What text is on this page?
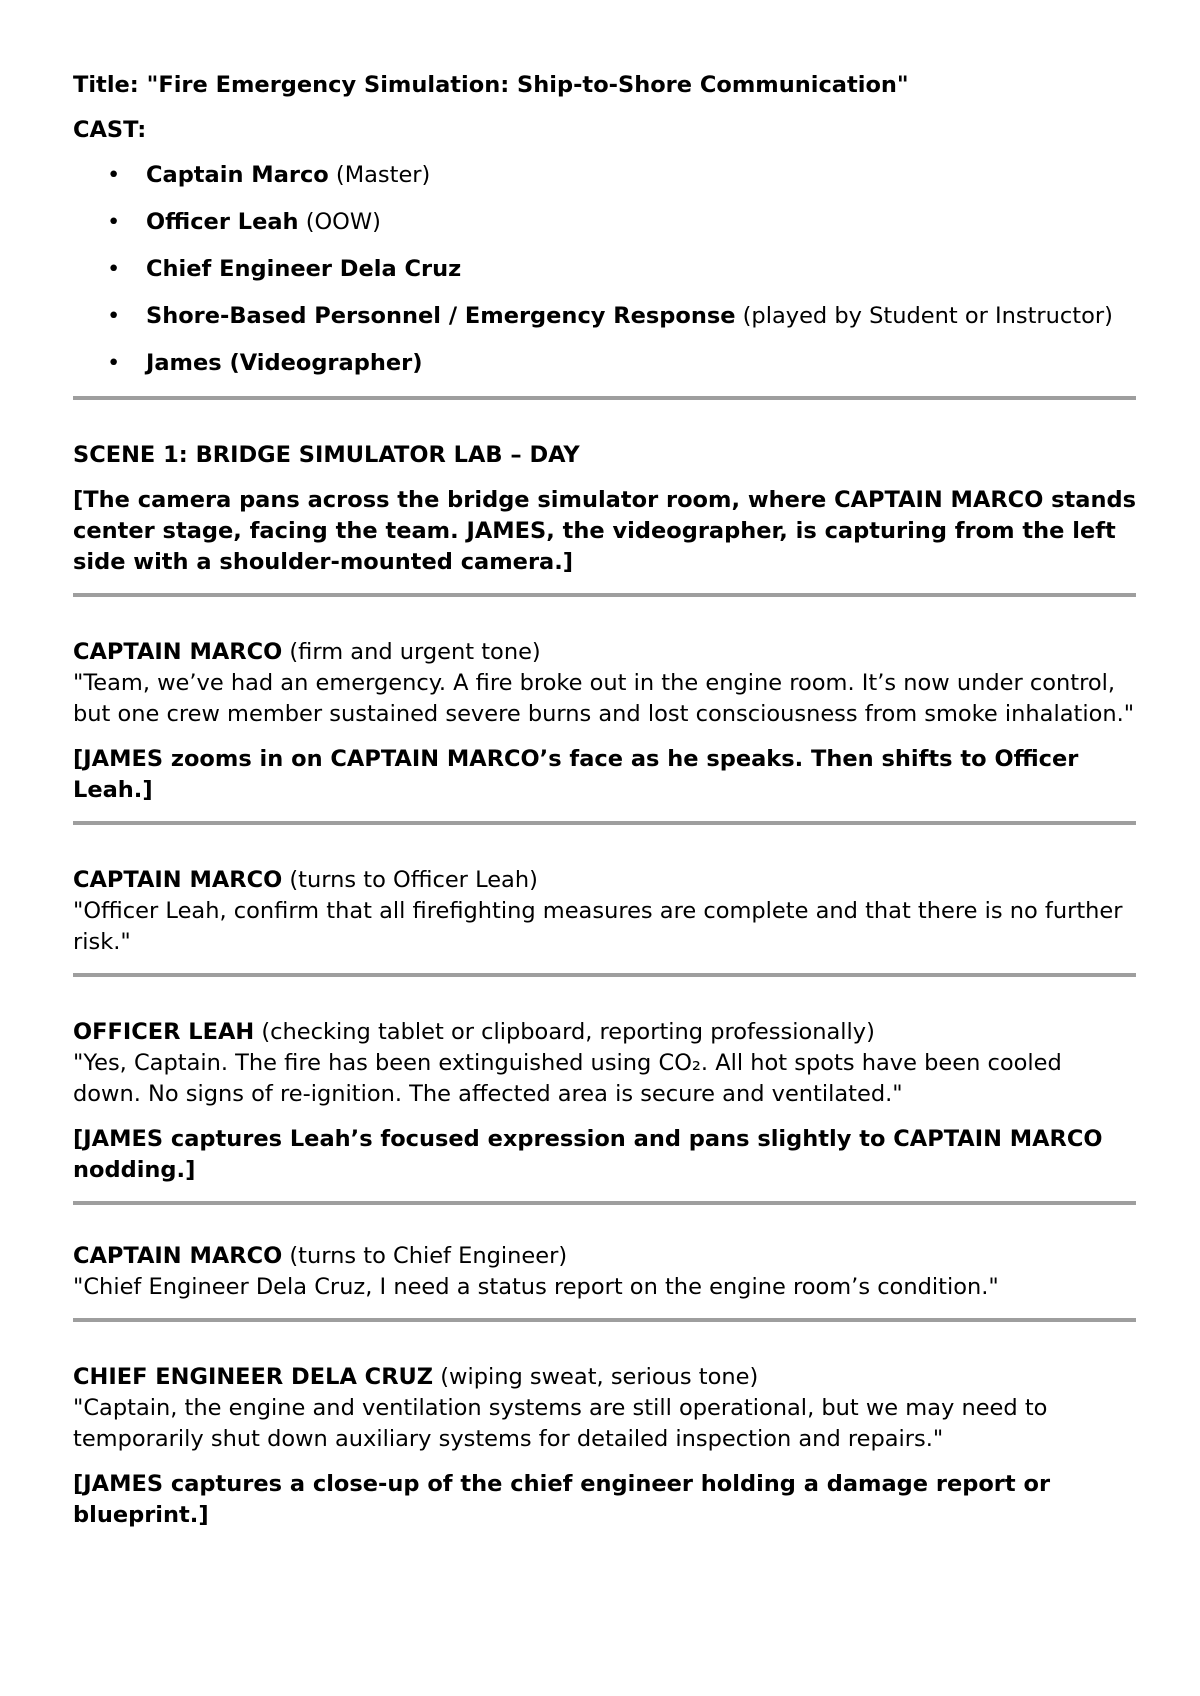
Title: "Fire Emergency Simulation: Ship-to-Shore Communication"

CAST:

• Captain Marco (Master)
• Officer Leah (OOW)
• Chief Engineer Dela Cruz
• Shore-Based Personnel / Emergency Response (played by Student or Instructor)
• James (Videographer)

SCENE 1: BRIDGE SIMULATOR LAB – DAY

[The camera pans across the bridge simulator room, where CAPTAIN MARCO stands center stage, facing the team. JAMES, the videographer, is capturing from the left side with a shoulder-mounted camera.]

CAPTAIN MARCO (firm and urgent tone)

"Team, we’ve had an emergency. A fire broke out in the engine room. It’s now under control, but one crew member sustained severe burns and lost consciousness from smoke inhalation."

[JAMES zooms in on CAPTAIN MARCO’s face as he speaks. Then shifts to Officer Leah.]

CAPTAIN MARCO (turns to Officer Leah)

"Officer Leah, confirm that all firefighting measures are complete and that there is no further risk."

OFFICER LEAH (checking tablet or clipboard, reporting professionally)

"Yes, Captain. The fire has been extinguished using CO₂. All hot spots have been cooled down. No signs of re-ignition. The affected area is secure and ventilated."

[JAMES captures Leah’s focused expression and pans slightly to CAPTAIN MARCO nodding.]

CAPTAIN MARCO (turns to Chief Engineer)

"Chief Engineer Dela Cruz, I need a status report on the engine room’s condition."

CHIEF ENGINEER DELA CRUZ (wiping sweat, serious tone)

"Captain, the engine and ventilation systems are still operational, but we may need to temporarily shut down auxiliary systems for detailed inspection and repairs."

[JAMES captures a close-up of the chief engineer holding a damage report or blueprint.]
